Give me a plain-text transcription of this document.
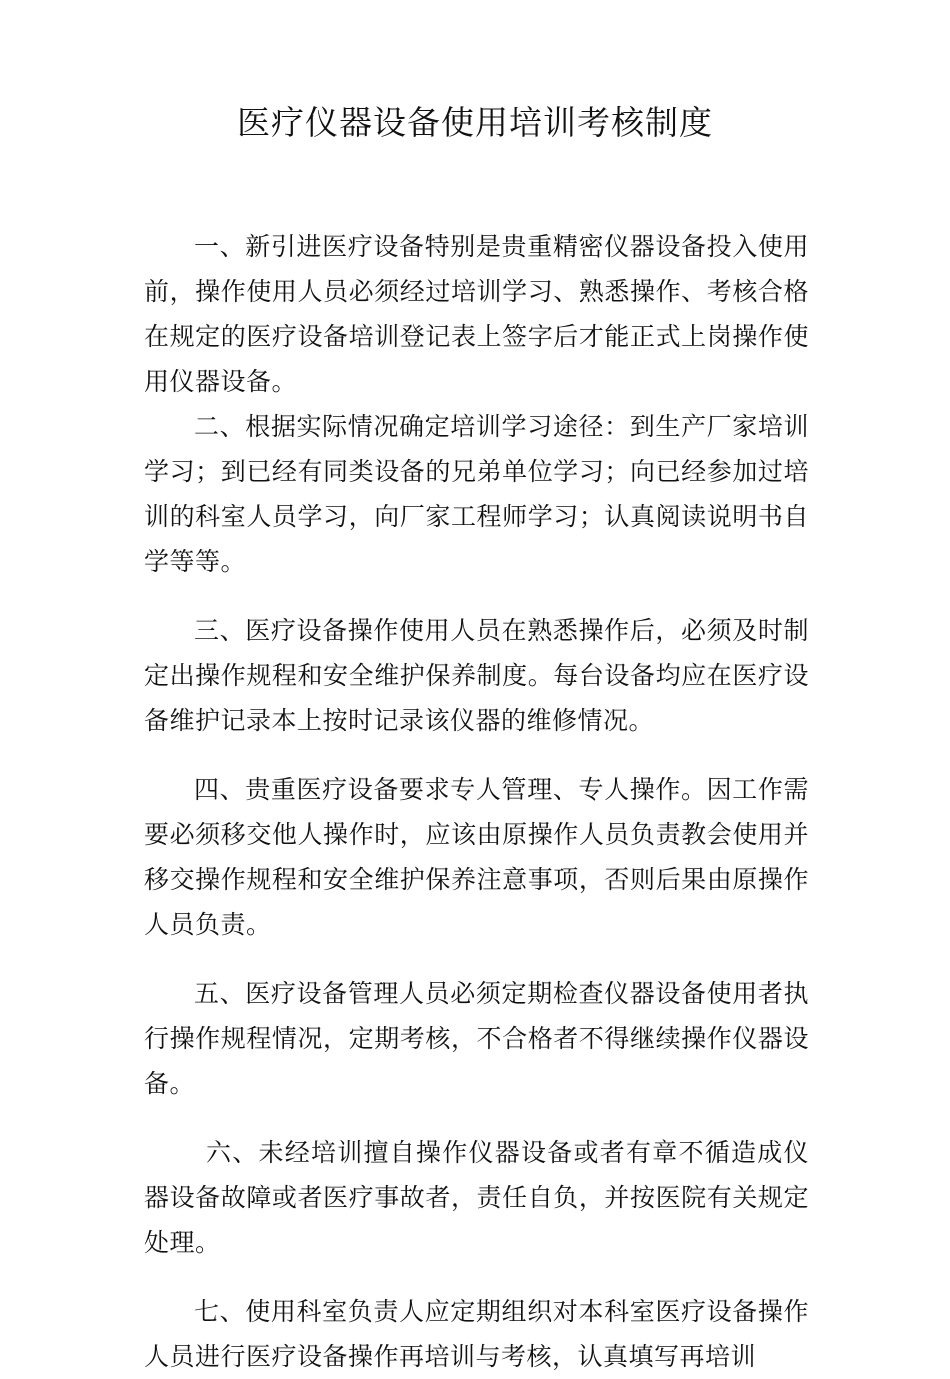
医疗仪器设备使用培训考核制度

一、新引进医疗设备特别是贵重精密仪器设备投入使用前，操作使用人员必须经过培训学习、熟悉操作、考核合格在规定的医疗设备培训登记表上签字后才能正式上岗操作使用仪器设备。

二、根据实际情况确定培训学习途径：到生产厂家培训学习；到已经有同类设备的兄弟单位学习；向已经参加过培训的科室人员学习，向厂家工程师学习；认真阅读说明书自学等等。

三、医疗设备操作使用人员在熟悉操作后，必须及时制定出操作规程和安全维护保养制度。每台设备均应在医疗设备维护记录本上按时记录该仪器的维修情况。

四、贵重医疗设备要求专人管理、专人操作。因工作需要必须移交他人操作时，应该由原操作人员负责教会使用并移交操作规程和安全维护保养注意事项，否则后果由原操作人员负责。

五、医疗设备管理人员必须定期检查仪器设备使用者执行操作规程情况，定期考核，不合格者不得继续操作仪器设备。

六、未经培训擅自操作仪器设备或者有章不循造成仪器设备故障或者医疗事故者，责任自负，并按医院有关规定处理。

七、使用科室负责人应定期组织对本科室医疗设备操作人员进行医疗设备操作再培训与考核，认真填写再培训
